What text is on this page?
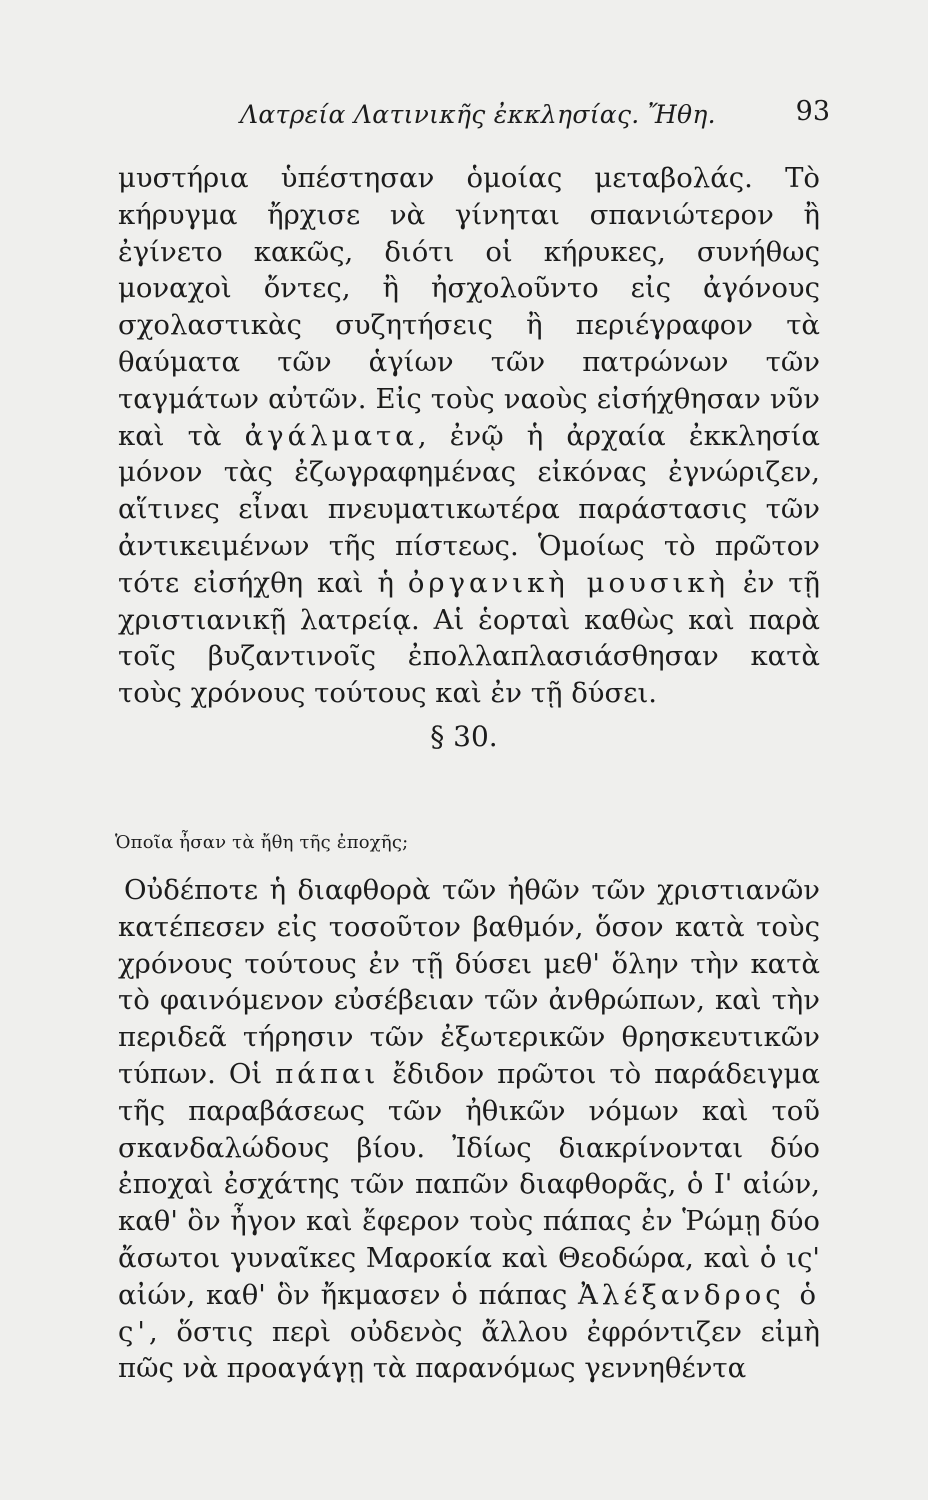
Λατρεία Λατινικῆς ἐκκλησίας. Ἤθη.	93

μυστήρια ὑπέστησαν ὁμοίας μεταβολάς. Τὸ κήρυγμα ἤρχισε νὰ γίνηται σπανιώτερον ἢ ἐγίνετο κακῶς, διότι οἱ κήρυκες, συνήθως μοναχοὶ ὄντες, ἢ ἠσχολοῦντο εἰς ἀγόνους σχολαστικὰς συζητήσεις ἢ περιέγραφον τὰ θαύματα τῶν ἁγίων τῶν πατρώνων τῶν ταγμάτων αὐτῶν. Εἰς τοὺς ναοὺς εἰσήχθησαν νῦν καὶ τὰ ἀγάλματα, ἐνῷ ἡ ἀρχαία ἐκκλησία μόνον τὰς ἐζωγραφημένας εἰκόνας ἐγνώριζεν, αἵτινες εἶναι πνευματικωτέρα παράστασις τῶν ἀντικειμένων τῆς πίστεως. Ὁμοίως τὸ πρῶτον τότε εἰσήχθη καὶ ἡ ὀργανικὴ μουσικὴ ἐν τῇ χριστιανικῇ λατρείᾳ. Αἱ ἑορταὶ καθὼς καὶ παρὰ τοῖς βυζαντινοῖς ἐπολλαπλασιάσθησαν κατὰ τοὺς χρόνους τούτους καὶ ἐν τῇ δύσει.

§ 30.
Ὁποῖα ἦσαν τὰ ἤθη τῆς ἐποχῆς;

Οὐδέποτε ἡ διαφθορὰ τῶν ἠθῶν τῶν χριστιανῶν κατέπεσεν εἰς τοσοῦτον βαθμόν, ὅσον κατὰ τοὺς χρόνους τούτους ἐν τῇ δύσει μεθ' ὅλην τὴν κατὰ τὸ φαινόμενον εὐσέβειαν τῶν ἀνθρώπων, καὶ τὴν περιδεᾶ τήρησιν τῶν ἐξωτερικῶν θρησκευτικῶν τύπων. Οἱ πάπαι ἔδιδον πρῶτοι τὸ παράδειγμα τῆς παραβάσεως τῶν ἠθικῶν νόμων καὶ τοῦ σκανδαλώδους βίου. Ἰδίως διακρίνονται δύο ἐποχαὶ ἐσχάτης τῶν παπῶν διαφθορᾶς, ὁ Ι' αἰών, καθ' ὃν ἦγον καὶ ἔφερον τοὺς πάπας ἐν Ῥώμῃ δύο ἄσωτοι γυναῖκες Μαροκία καὶ Θεοδώρα, καὶ ὁ ις' αἰών, καθ' ὃν ἤκμασεν ὁ πάπας Ἀλέξανδρος ὁ ς', ὅστις περὶ οὐδενὸς ἄλλου ἐφρόντιζεν εἰμὴ πῶς νὰ προαγάγῃ τὰ παρανόμως γεννηθέντα
